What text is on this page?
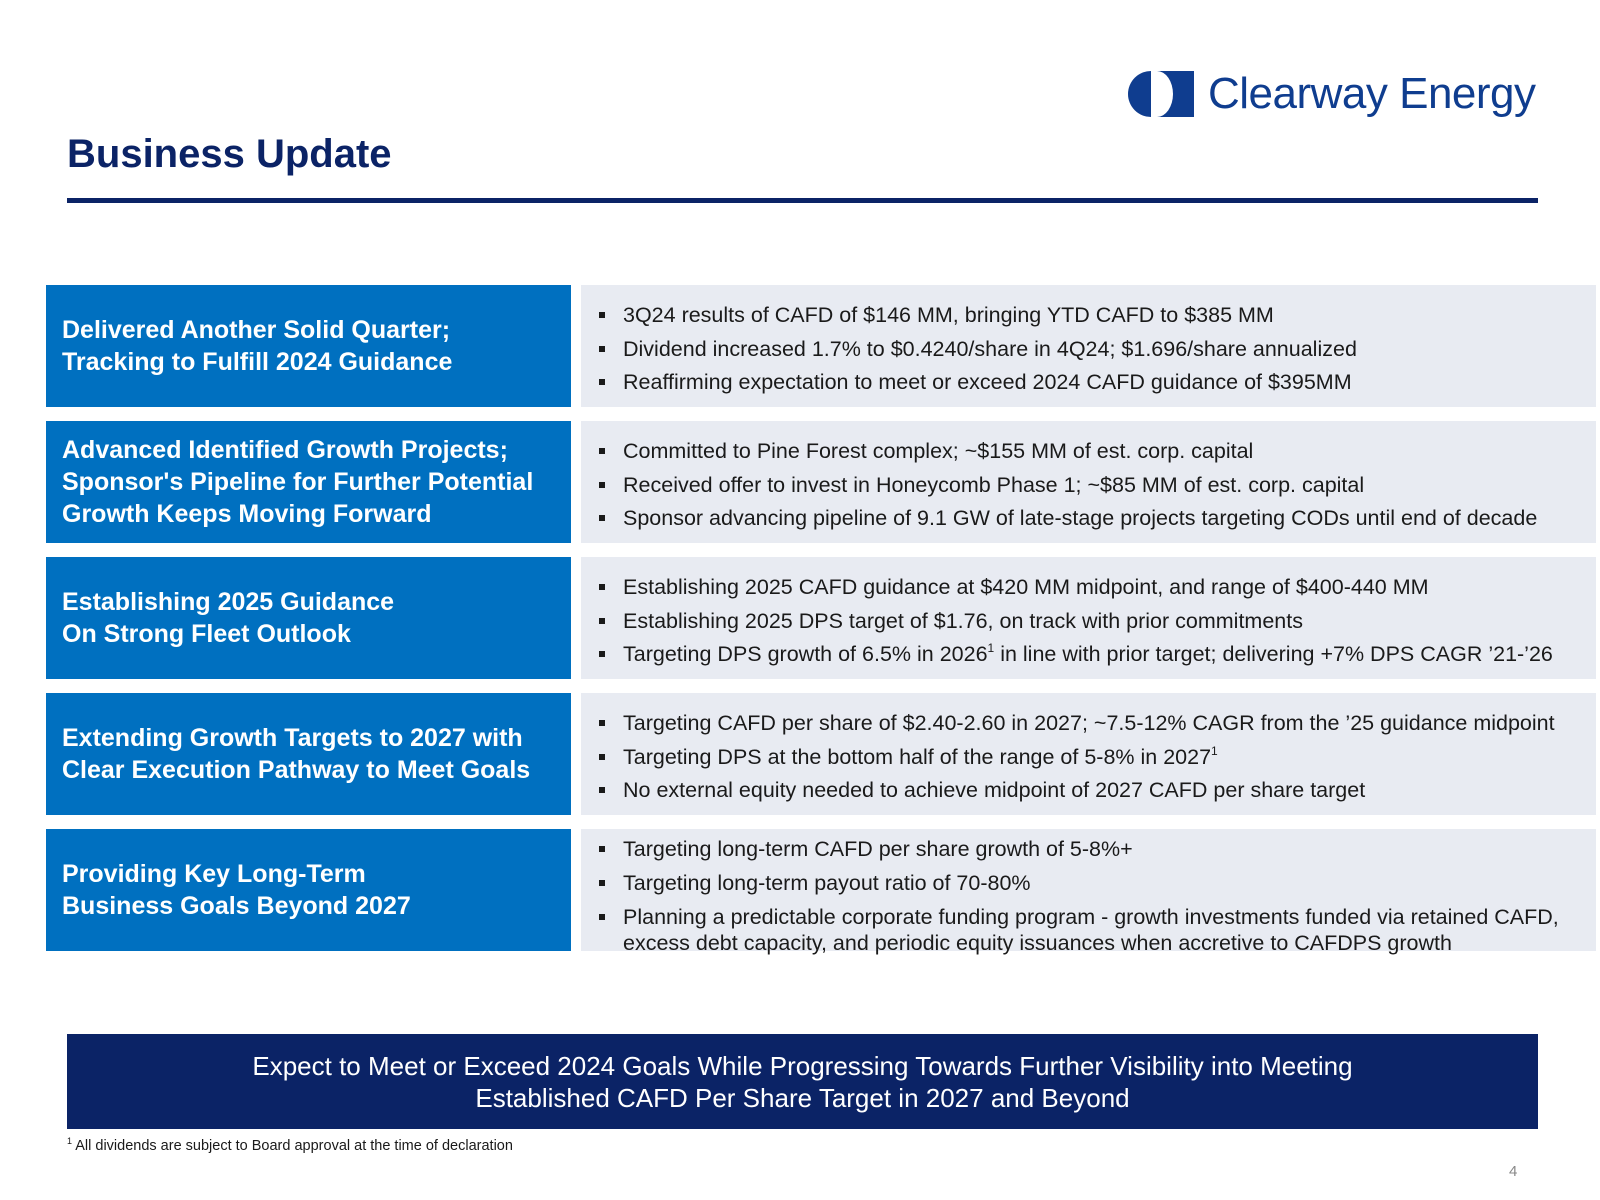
Clearway Energy
Business Update
Delivered Another Solid Quarter;
Tracking to Fulfill 2024 Guidance
3Q24 results of CAFD of $146 MM, bringing YTD CAFD to $385 MM
Dividend increased 1.7% to $0.4240/share in 4Q24; $1.696/share annualized
Reaffirming expectation to meet or exceed 2024 CAFD guidance of $395MM
Advanced Identified Growth Projects;
Sponsor's Pipeline for Further Potential
Growth Keeps Moving Forward
Committed to Pine Forest complex; ~$155 MM of est. corp. capital
Received offer to invest in Honeycomb Phase 1; ~$85 MM of est. corp. capital
Sponsor advancing pipeline of 9.1 GW of late-stage projects targeting CODs until end of decade
Establishing 2025 Guidance
On Strong Fleet Outlook
Establishing 2025 CAFD guidance at $420 MM midpoint, and range of $400-440 MM
Establishing 2025 DPS target of $1.76, on track with prior commitments
Targeting DPS growth of 6.5% in 2026$^1$ in line with prior target; delivering +7% DPS CAGR ’21-’26
Extending Growth Targets to 2027 with
Clear Execution Pathway to Meet Goals
Targeting CAFD per share of $2.40-2.60 in 2027; ~7.5-12% CAGR from the ’25 guidance midpoint
Targeting DPS at the bottom half of the range of 5-8% in 2027$^1$
No external equity needed to achieve midpoint of 2027 CAFD per share target
Providing Key Long-Term
Business Goals Beyond 2027
Targeting long-term CAFD per share growth of 5-8%+
Targeting long-term payout ratio of 70-80%
Planning a predictable corporate funding program - growth investments funded via retained CAFD, excess debt capacity, and periodic equity issuances when accretive to CAFDPS growth
Expect to Meet or Exceed 2024 Goals While Progressing Towards Further Visibility into Meeting
Established CAFD Per Share Target in 2027 and Beyond
$^1$ All dividends are subject to Board approval at the time of declaration
4
